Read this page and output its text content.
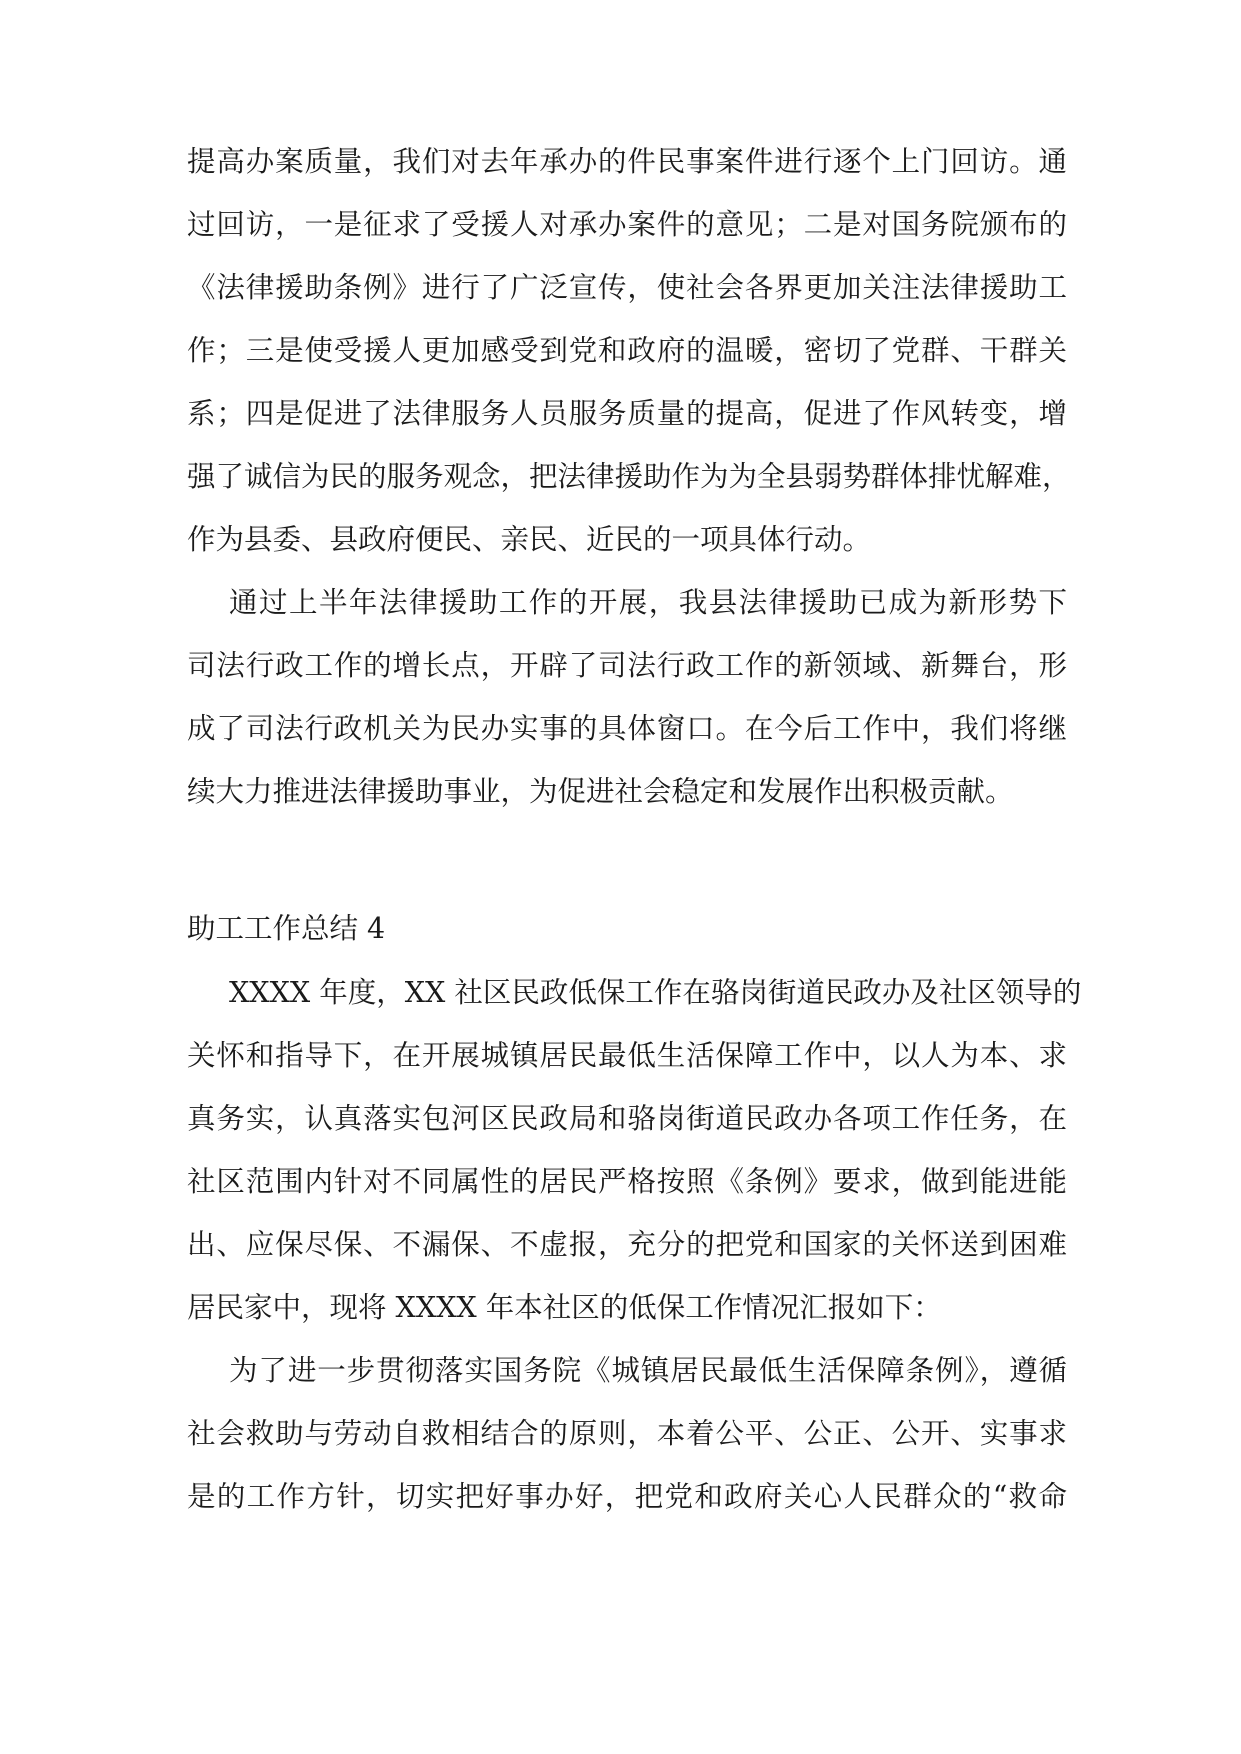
提高办案质量，我们对去年承办的件民事案件进行逐个上门回访。通
过回访，一是征求了受援人对承办案件的意见；二是对国务院颁布的
《法律援助条例》进行了广泛宣传，使社会各界更加关注法律援助工
作；三是使受援人更加感受到党和政府的温暖，密切了党群、干群关
系；四是促进了法律服务人员服务质量的提高，促进了作风转变，增
强了诚信为民的服务观念，把法律援助作为为全县弱势群体排忧解难，
作为县委、县政府便民、亲民、近民的一项具体行动。
通过上半年法律援助工作的开展，我县法律援助已成为新形势下
司法行政工作的增长点，开辟了司法行政工作的新领域、新舞台，形
成了司法行政机关为民办实事的具体窗口。在今后工作中，我们将继
续大力推进法律援助事业，为促进社会稳定和发展作出积极贡献。
助工工作总结 4
XXXX 年度，XX 社区民政低保工作在骆岗街道民政办及社区领导的
关怀和指导下，在开展城镇居民最低生活保障工作中，以人为本、求
真务实，认真落实包河区民政局和骆岗街道民政办各项工作任务，在
社区范围内针对不同属性的居民严格按照《条例》要求，做到能进能
出、应保尽保、不漏保、不虚报，充分的把党和国家的关怀送到困难
居民家中，现将 XXXX 年本社区的低保工作情况汇报如下：
为了进一步贯彻落实国务院《城镇居民最低生活保障条例》，遵循
社会救助与劳动自救相结合的原则，本着公平、公正、公开、实事求
是的工作方针，切实把好事办好，把党和政府关心人民群众的“救命
